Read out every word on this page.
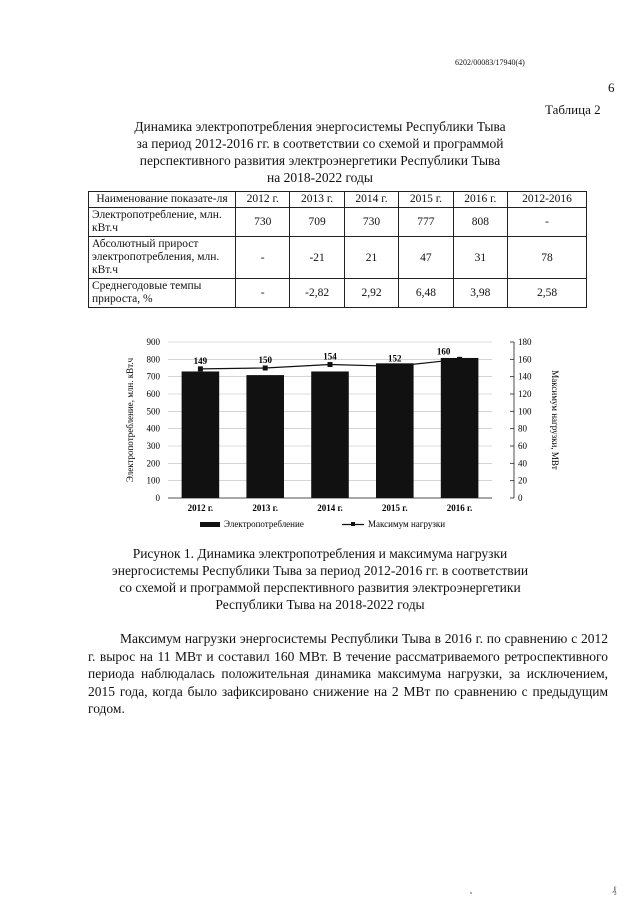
6202/00083/17940(4)
6
Таблица 2
Динамика электропотребления энергосистемы Республики Тыва
за период 2012-2016 гг. в соответствии со схемой и программой
перспективного развития электроэнергетики Республики Тыва
на 2018-2022 годы
Наименование показате-ля	2012 г.	2013 г.	2014 г.	2015 г.	2016 г.	2012-2016
Электропотребление, млн. кВт.ч	730	709	730	777	808	-
Абсолютный прирост электропотребления, млн. кВт.ч	-	-21	21	47	31	78
Среднегодовые темпы прироста, %	-	-2,82	2,92	6,48	3,98	2,58
0
100
200
300
400
500
600
700
800
900
0
20
40
60
80
100
120
140
160
180
2012 г.	2013 г.	2014 г.	2015 г.	2016 г.
149	150	154	152
160
Электропотребление, млн. кВт.ч	Максимум нагрузки, МВт
Электропотребление	Максимум нагрузки
Рисунок 1. Динамика электропотребления и максимума нагрузки
энергосистемы Республики Тыва за период 2012-2016 гг. в соответствии
со схемой и программой перспективного развития электроэнергетики
Республики Тыва на 2018-2022 годы
Максимум нагрузки энергосистемы Республики Тыва в 2016 г. по сравнению с 2012 г. вырос на 11 МВт и составил 160 МВт. В течение рассматриваемого ретроспективного периода наблюдалась положительная динамика максимума нагрузки, за исключением, 2015 года, когда было зафиксировано снижение на 2 МВт по сравнению с предыдущим годом.
₰
